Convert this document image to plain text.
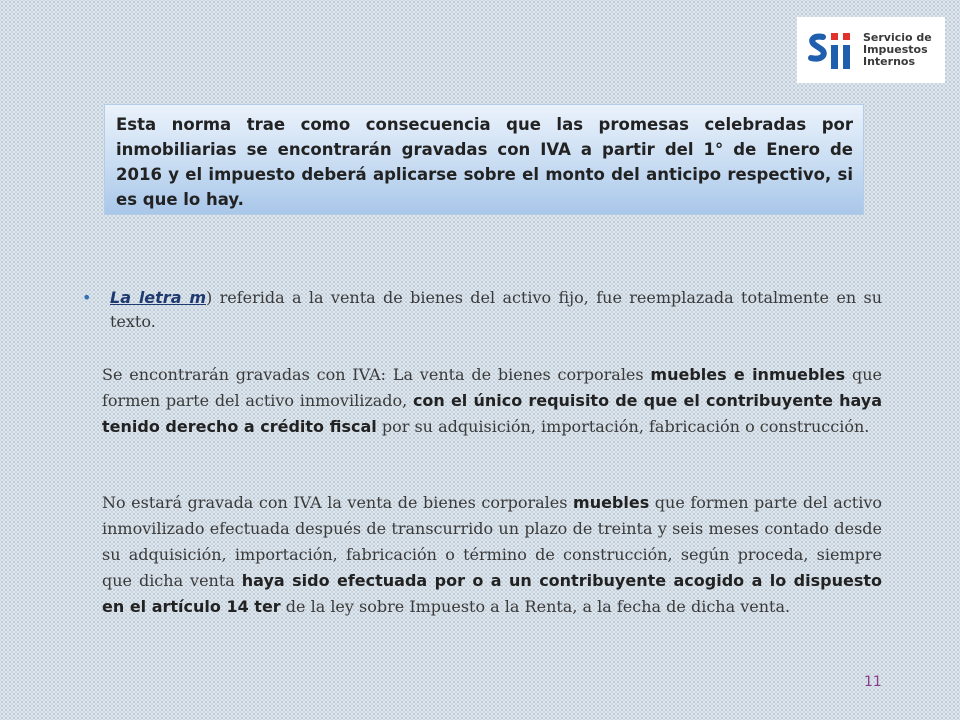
Servicio de
Impuestos
Internos
Esta norma trae como consecuencia que las promesas celebradas por inmobiliarias se encontrarán gravadas con IVA a partir del 1° de Enero de 2016 y el impuesto deberá aplicarse sobre el monto del anticipo respectivo, si es que lo hay.
•	La letra m) referida a la venta de bienes del activo fijo, fue reemplazada totalmente en su texto.
Se encontrarán gravadas con IVA: La venta de bienes corporales muebles e inmuebles que formen parte del activo inmovilizado, con el único requisito de que el contribuyente haya tenido derecho a crédito fiscal por su adquisición, importación, fabricación o construcción.
No estará gravada con IVA la venta de bienes corporales muebles que formen parte del activo inmovilizado efectuada después de transcurrido un plazo de treinta y seis meses contado desde su adquisición, importación, fabricación o término de construcción, según proceda, siempre que dicha venta haya sido efectuada por o a un contribuyente acogido a lo dispuesto en el artículo 14 ter de la ley sobre Impuesto a la Renta, a la fecha de dicha venta.
11
